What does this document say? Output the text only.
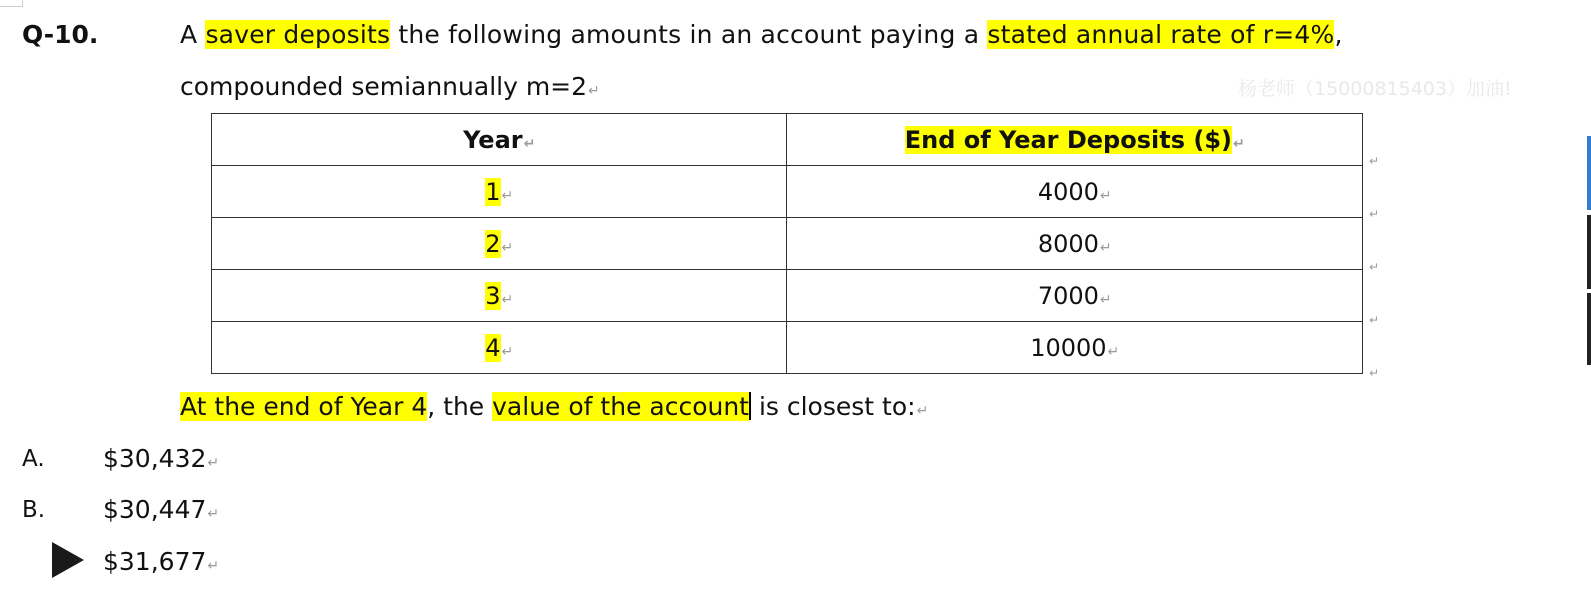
Q-10.	A saver deposits the following amounts in an account paying a stated annual rate of r=4%,
compounded semiannually m=2↵	杨老师（15000815403）加油!
Year↵	End of Year Deposits ($)↵
1↵	4000↵
2↵	8000↵
3↵	7000↵
4↵	10000↵
↵
↵
↵
↵
↵
At the end of Year 4, the value of the account is closest to:↵
A. $30,432↵
B. $30,447↵
$31,677↵
